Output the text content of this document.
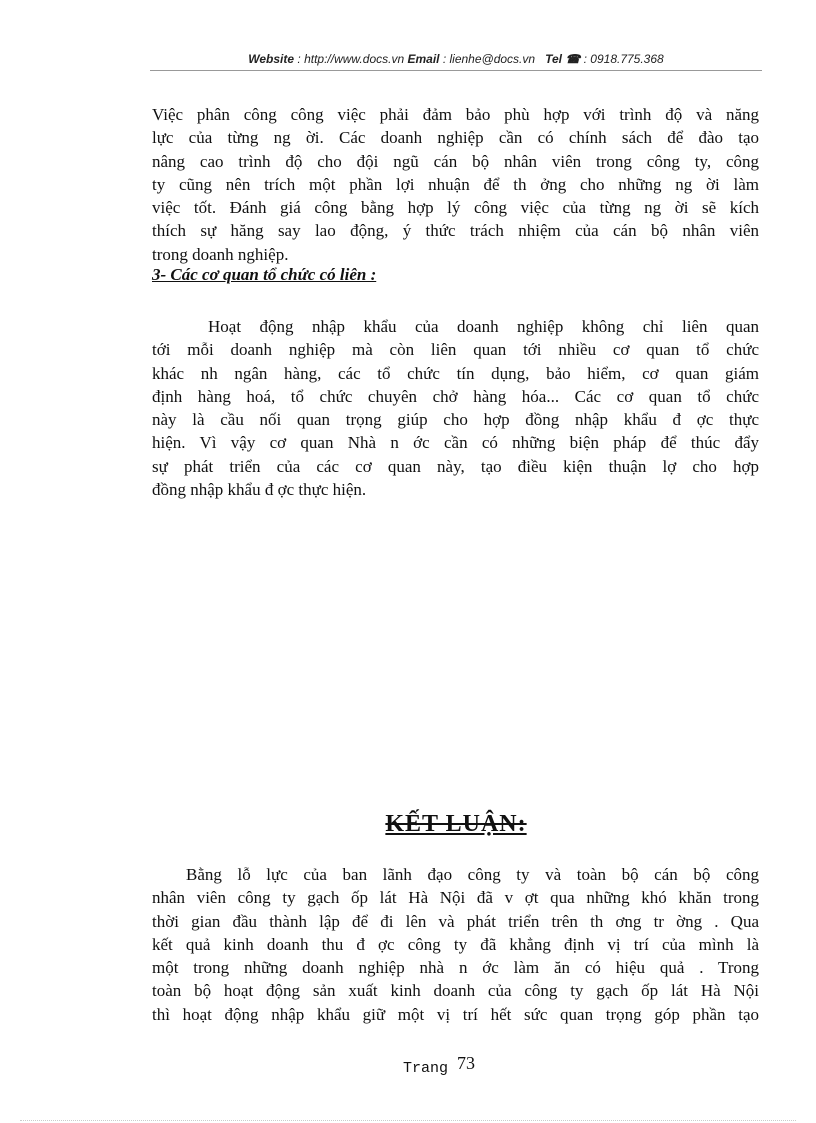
Website : http://www.docs.vn Email : lienhe@docs.vn Tel ☎ : 0918.775.368
Việc phân công công việc phải đảm bảo phù hợp với trình độ và năng
lực của từng ng ời. Các doanh nghiệp cần có chính sách để đào tạo
nâng cao trình độ cho đội ngũ cán bộ nhân viên trong công ty, công
ty cũng nên trích một phần lợi nhuận để th ởng cho những ng ời làm
việc tốt. Đánh giá công bằng hợp lý công việc của từng ng ời sẽ kích
thích sự hăng say lao động, ý thức trách nhiệm của cán bộ nhân viên
trong doanh nghiệp.
3- Các cơ quan tổ chức có liên :
Hoạt động nhập khẩu của doanh nghiệp không chỉ liên quan
tới mỗi doanh nghiệp mà còn liên quan tới nhiều cơ quan tổ chức
khác nh ngân hàng, các tổ chức tín dụng, bảo hiểm, cơ quan giám
định hàng hoá, tổ chức chuyên chở hàng hóa... Các cơ quan tổ chức
này là cầu nối quan trọng giúp cho hợp đồng nhập khẩu đ ợc thực
hiện. Vì vậy cơ quan Nhà n ớc cần có những biện pháp để thúc đẩy
sự phát triển của các cơ quan này, tạo điều kiện thuận lợ cho hợp
đồng nhập khẩu đ ợc thực hiện.
KẾT LUẬN:
Bằng lỗ lực của ban lãnh đạo công ty và toàn bộ cán bộ công
nhân viên công ty gạch ốp lát Hà Nội đã v ợt qua những khó khăn trong
thời gian đầu thành lập để đi lên và phát triển trên th ơng tr ờng . Qua
kết quả kinh doanh thu đ ợc công ty đã khẳng định vị trí của mình là
một trong những doanh nghiệp nhà n ớc làm ăn có hiệu quả . Trong
toàn bộ hoạt động sản xuất kinh doanh của công ty gạch ốp lát Hà Nội
thì hoạt động nhập khẩu giữ một vị trí hết sức quan trọng góp phần tạo
Trang 73
